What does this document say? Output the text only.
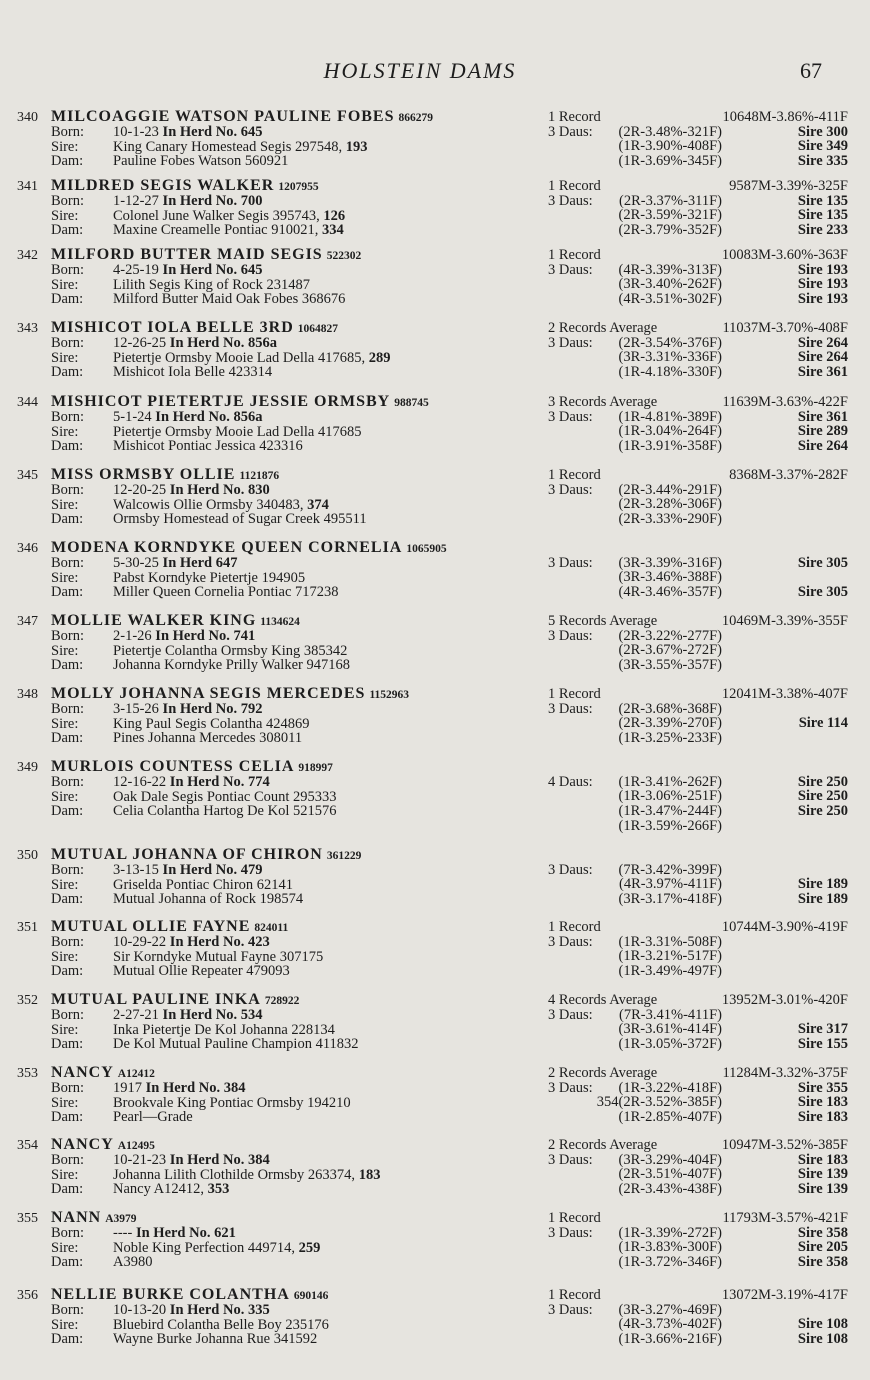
HOLSTEIN DAMS	67
340 MILCOAGGIE WATSON PAULINE FOBES 866279
Born:	10-1-23
In Herd No. 645
Sire:	King Canary Homestead Segis 297548,
193
Dam:	Pauline Fobes Watson 560921
1 Record	10648M-3.86%-411F
3 Daus: (2R-3.48%-321F)	Sire 300
(1R-3.90%-408F)	Sire 349
(1R-3.69%-345F)	Sire 335
341 MILDRED SEGIS WALKER 1207955
Born:	1-12-27
In Herd No. 700
Sire:	Colonel June Walker Segis 395743,
126
Dam:	Maxine Creamelle Pontiac 910021,
334
1 Record	9587M-3.39%-325F
3 Daus: (2R-3.37%-311F)	Sire 135
(2R-3.59%-321F)	Sire 135
(2R-3.79%-352F)	Sire 233
342 MILFORD BUTTER MAID SEGIS 522302
Born:	4-25-19
In Herd No. 645
Sire:	Lilith Segis King of Rock 231487
Dam:	Milford Butter Maid Oak Fobes 368676
1 Record	10083M-3.60%-363F
3 Daus: (4R-3.39%-313F)	Sire 193
(3R-3.40%-262F)	Sire 193
(4R-3.51%-302F)	Sire 193
343 MISHICOT IOLA BELLE 3RD 1064827
Born:	12-26-25
In Herd No. 856a
Sire:	Pietertje Ormsby Mooie Lad Della 417685,
289
Dam:	Mishicot Iola Belle 423314
2 Records Average	11037M-3.70%-408F
3 Daus: (2R-3.54%-376F)	Sire 264
(3R-3.31%-336F)	Sire 264
(1R-4.18%-330F)	Sire 361
344 MISHICOT PIETERTJE JESSIE ORMSBY 988745
Born:	5-1-24
In Herd No. 856a
Sire:	Pietertje Ormsby Mooie Lad Della 417685
Dam:	Mishicot Pontiac Jessica 423316
3 Records Average	11639M-3.63%-422F
3 Daus: (1R-4.81%-389F)	Sire 361
(1R-3.04%-264F)	Sire 289
(1R-3.91%-358F)	Sire 264
345 MISS ORMSBY OLLIE 1121876
Born:	12-20-25
In Herd No. 830
Sire:	Walcowis Ollie Ormsby 340483,
374
Dam:	Ormsby Homestead of Sugar Creek 495511
1 Record	8368M-3.37%-282F
3 Daus: (2R-3.44%-291F)
(2R-3.28%-306F)
(2R-3.33%-290F)
346 MODENA KORNDYKE QUEEN CORNELIA 1065905
Born:	5-30-25
In Herd 647
Sire:	Pabst Korndyke Pietertje 194905
Dam:	Miller Queen Cornelia Pontiac 717238
3 Daus: (3R-3.39%-316F)	Sire 305
(3R-3.46%-388F)
(4R-3.46%-357F)	Sire 305
347 MOLLIE WALKER KING 1134624
Born:	2-1-26
In Herd No. 741
Sire:	Pietertje Colantha Ormsby King 385342
Dam:	Johanna Korndyke Prilly Walker 947168
5 Records Average	10469M-3.39%-355F
3 Daus: (2R-3.22%-277F)
(2R-3.67%-272F)
(3R-3.55%-357F)
348 MOLLY JOHANNA SEGIS MERCEDES 1152963
Born:	3-15-26
In Herd No. 792
Sire:	King Paul Segis Colantha 424869
Dam:	Pines Johanna Mercedes 308011
1 Record	12041M-3.38%-407F
3 Daus: (2R-3.68%-368F)
(2R-3.39%-270F)	Sire 114
(1R-3.25%-233F)
349 MURLOIS COUNTESS CELIA 918997
Born:	12-16-22
In Herd No. 774
Sire:	Oak Dale Segis Pontiac Count 295333
Dam:	Celia Colantha Hartog De Kol 521576
4 Daus: (1R-3.41%-262F)	Sire 250
(1R-3.06%-251F)	Sire 250
(1R-3.47%-244F)	Sire 250
(1R-3.59%-266F)
350 MUTUAL JOHANNA OF CHIRON 361229
Born:	3-13-15
In Herd No. 479
Sire:	Griselda Pontiac Chiron 62141
Dam:	Mutual Johanna of Rock 198574
3 Daus: (7R-3.42%-399F)
(4R-3.97%-411F)	Sire 189
(3R-3.17%-418F)	Sire 189
351 MUTUAL OLLIE FAYNE 824011
Born:	10-29-22
In Herd No. 423
Sire:	Sir Korndyke Mutual Fayne 307175
Dam:	Mutual Ollie Repeater 479093
1 Record	10744M-3.90%-419F
3 Daus: (1R-3.31%-508F)
(1R-3.21%-517F)
(1R-3.49%-497F)
352 MUTUAL PAULINE INKA 728922
Born:	2-27-21
In Herd No. 534
Sire:	Inka Pietertje De Kol Johanna 228134
Dam:	De Kol Mutual Pauline Champion 411832
4 Records Average	13952M-3.01%-420F
3 Daus: (7R-3.41%-411F)
(3R-3.61%-414F)	Sire 317
(1R-3.05%-372F)	Sire 155
353 NANCY A12412
Born:	1917
In Herd No. 384
Sire:	Brookvale King Pontiac Ormsby 194210
Dam:	Pearl—Grade
2 Records Average	11284M-3.32%-375F
3 Daus: (1R-3.22%-418F)	Sire 355
354(2R-3.52%-385F)	Sire 183
(1R-2.85%-407F)	Sire 183
354 NANCY A12495
Born:	10-21-23
In Herd No. 384
Sire:	Johanna Lilith Clothilde Ormsby 263374,
183
Dam:	Nancy A12412,
353
2 Records Average	10947M-3.52%-385F
3 Daus: (3R-3.29%-404F)	Sire 183
(2R-3.51%-407F)	Sire 139
(2R-3.43%-438F)	Sire 139
355 NANN A3979
Born:	----
In Herd No. 621
Sire:	Noble King Perfection 449714,
259
Dam:	A3980
1 Record	11793M-3.57%-421F
3 Daus: (1R-3.39%-272F)	Sire 358
(1R-3.83%-300F)	Sire 205
(1R-3.72%-346F)	Sire 358
356 NELLIE BURKE COLANTHA 690146
Born:	10-13-20
In Herd No. 335
Sire:	Bluebird Colantha Belle Boy 235176
Dam:	Wayne Burke Johanna Rue 341592
1 Record	13072M-3.19%-417F
3 Daus: (3R-3.27%-469F)
(4R-3.73%-402F)	Sire 108
(1R-3.66%-216F)	Sire 108
